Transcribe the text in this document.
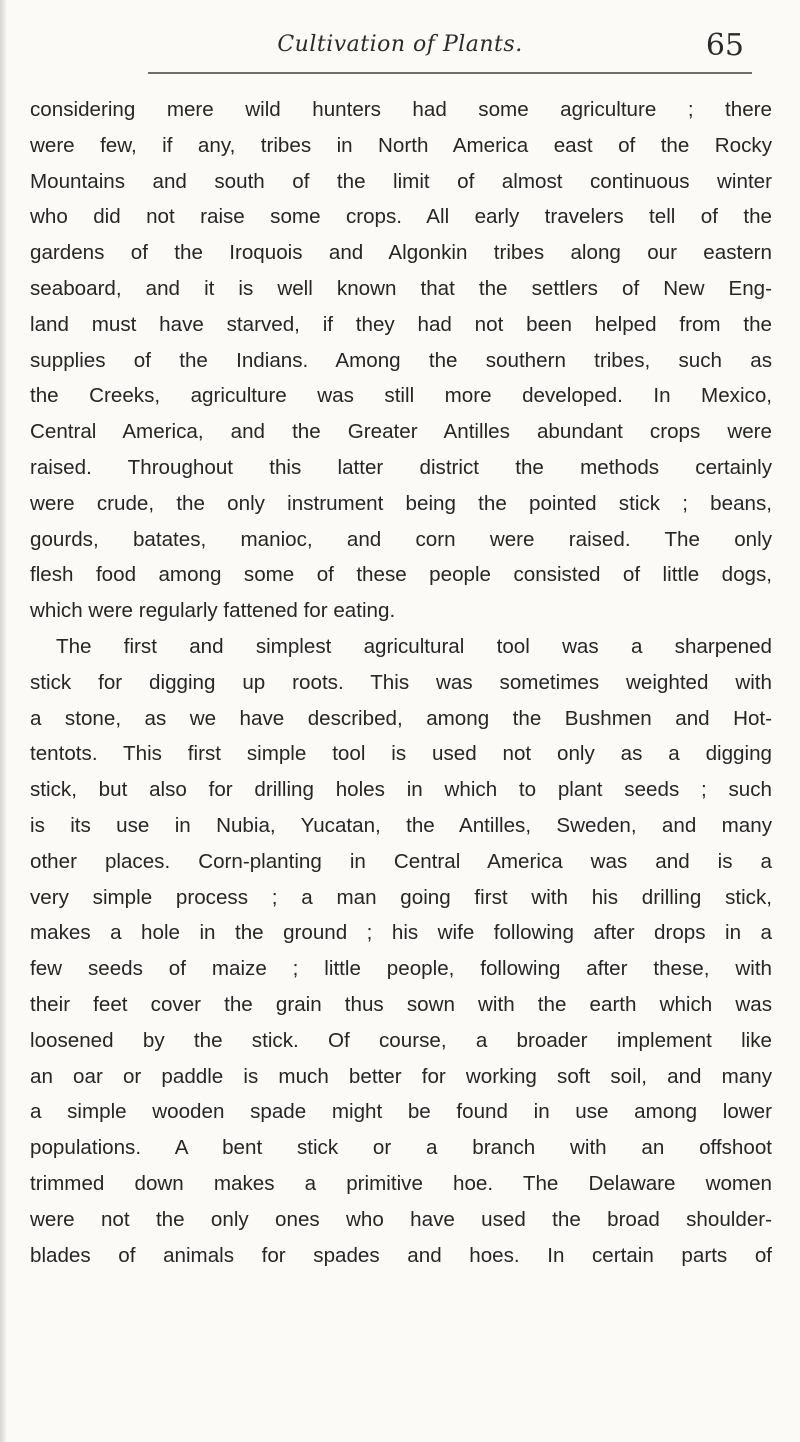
Cultivation of Plants.	65
considering mere wild hunters had some agriculture ; there
were few, if any, tribes in North America east of the Rocky
Mountains and south of the limit of almost continuous winter
who did not raise some crops. All early travelers tell of the
gardens of the Iroquois and Algonkin tribes along our eastern
seaboard, and it is well known that the settlers of New Eng-
land must have starved, if they had not been helped from the
supplies of the Indians. Among the southern tribes, such as
the Creeks, agriculture was still more developed. In Mexico,
Central America, and the Greater Antilles abundant crops were
raised. Throughout this latter district the methods certainly
were crude, the only instrument being the pointed stick ; beans,
gourds, batates, manioc, and corn were raised. The only
flesh food among some of these people consisted of little dogs,
which were regularly fattened for eating.
The first and simplest agricultural tool was a sharpened
stick for digging up roots. This was sometimes weighted with
a stone, as we have described, among the Bushmen and Hot-
tentots. This first simple tool is used not only as a digging
stick, but also for drilling holes in which to plant seeds ; such
is its use in Nubia, Yucatan, the Antilles, Sweden, and many
other places. Corn-planting in Central America was and is a
very simple process ; a man going first with his drilling stick,
makes a hole in the ground ; his wife following after drops in a
few seeds of maize ; little people, following after these, with
their feet cover the grain thus sown with the earth which was
loosened by the stick. Of course, a broader implement like
an oar or paddle is much better for working soft soil, and many
a simple wooden spade might be found in use among lower
populations. A bent stick or a branch with an offshoot
trimmed down makes a primitive hoe. The Delaware women
were not the only ones who have used the broad shoulder-
blades of animals for spades and hoes. In certain parts of
